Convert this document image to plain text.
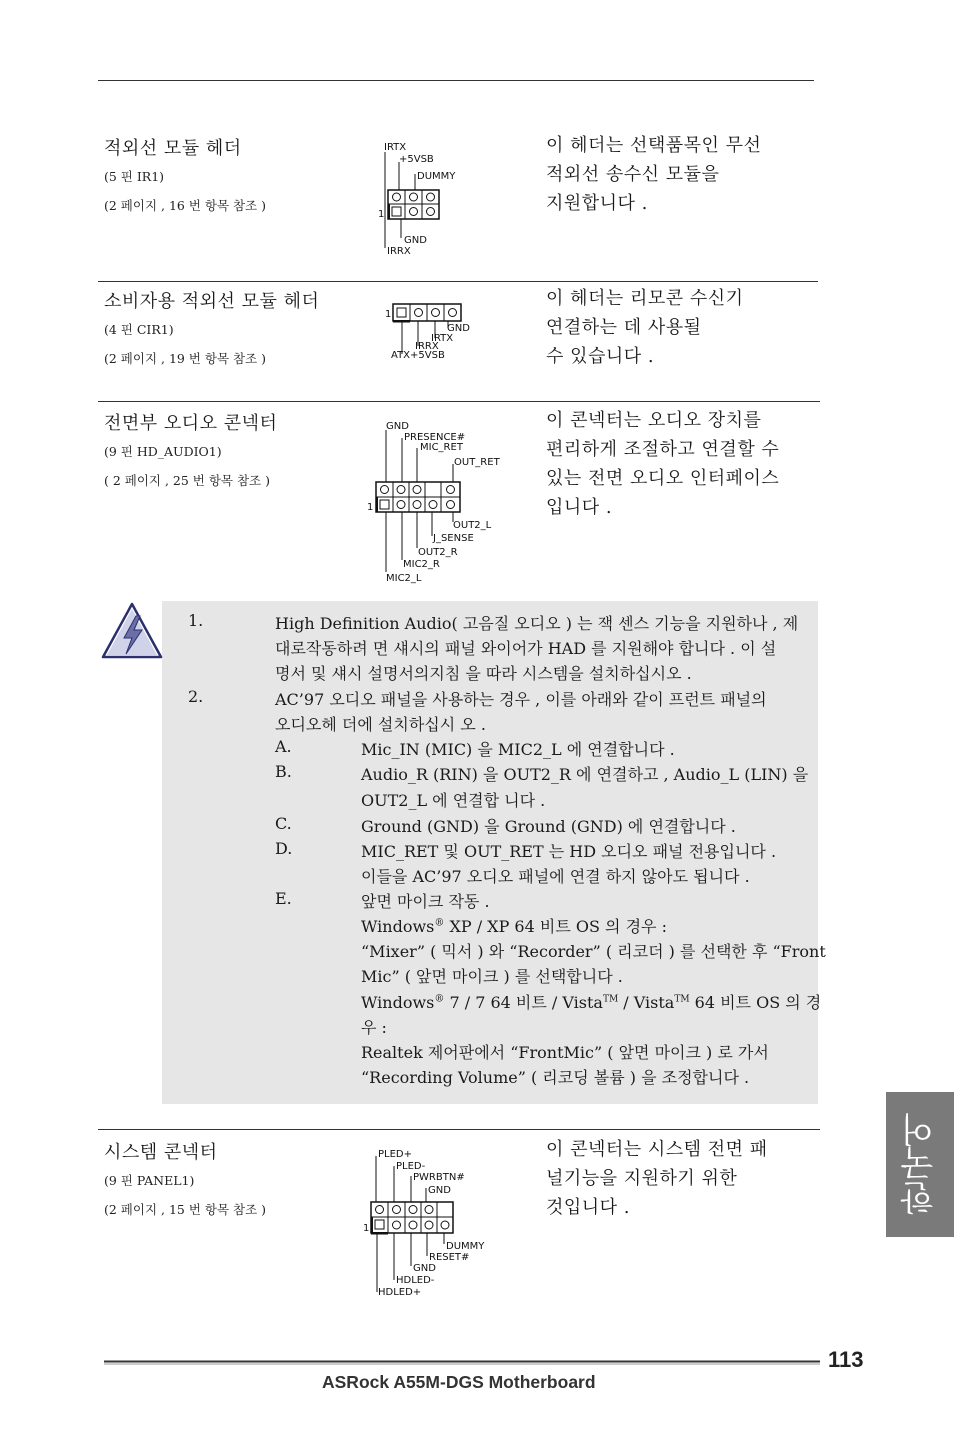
적외선 모듈 헤더
(5 핀 IR1)
(2 페이지 , 16 번 항목 참조 )
이 헤더는 선택품목인 무선
적외선 송수신 모듈을
지원합니다 .
IRTX
+5VSB
DUMMY
GND
IRRX
1
소비자용 적외선 모듈 헤더
(4 핀 CIR1)
(2 페이지 , 19 번 항목 참조 )
이 헤더는 리모콘 수신기
연결하는 데 사용될
수 있습니다 .
GND
IRTX
IRRX
ATX+5VSB
1
전면부 오디오 콘넥터
(9 핀 HD_AUDIO1)
( 2 페이지 , 25 번 항목 참조 )
이 콘넥터는 오디오 장치를
편리하게 조절하고 연결할 수
있는 전면 오디오 인터페이스
입니다 .
GND
PRESENCE#
MIC_RET
OUT_RET
OUT2_L
J_SENSE
OUT2_R
MIC2_R
MIC2_L
1
1.	High Definition Audio( 고음질 오디오 ) 는 잭 센스 기능을 지원하나 , 제
대로작동하려 면 섀시의 패널 와이어가 HAD 를 지원해야 합니다 . 이 설
명서 및 섀시 설명서의지침 을 따라 시스템을 설치하십시오 .
2.	AC’97 오디오 패널을 사용하는 경우 , 이를 아래와 같이 프런트 패널의
오디오헤 더에 설치하십시 오 .
A.	Mic_IN (MIC) 을 MIC2_L 에 연결합니다 .
B.	Audio_R (RIN) 을 OUT2_R 에 연결하고 , Audio_L (LIN) 을
OUT2_L 에 연결합 니다 .
C.	Ground (GND) 을 Ground (GND) 에 연결합니다 .
D.	MIC_RET 및 OUT_RET 는 HD 오디오 패널 전용입니다 .
이들을 AC’97 오디오 패널에 연결 하지 않아도 됩니다 .
E.	앞면 마이크 작동 .
Windows® XP / XP 64 비트 OS 의 경우 :
“Mixer” ( 믹서 ) 와 “Recorder” ( 리코더 ) 를 선택한 후 “Front
Mic” ( 앞면 마이크 ) 를 선택합니다 .
Windows® 7 / 7 64 비트 / Vista™ / Vista™ 64 비트 OS 의 경
우 :
Realtek 제어판에서 “FrontMic” ( 앞면 마이크 ) 로 가서
“Recording Volume” ( 리코딩 볼륨 ) 을 조정합니다 .
시스템 콘넥터
(9 핀 PANEL1)
(2 페이지 , 15 번 항목 참조 )
이 콘넥터는 시스템 전면 패
널기능을 지원하기 위한
것입니다 .
PLED+
PLED-
PWRBTN#
GND
DUMMY
RESET#
GND
HDLED-
HDLED+
1
한국어
113
ASRock A55M-DGS Motherboard
